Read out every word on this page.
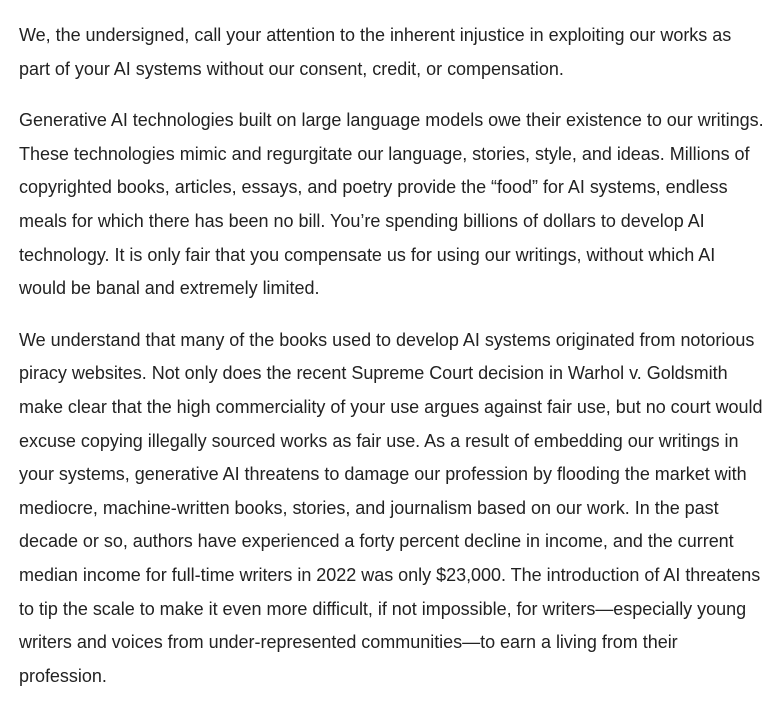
We, the undersigned, call your attention to the inherent injustice in exploiting our works as
part of your AI systems without our consent, credit, or compensation.

Generative AI technologies built on large language models owe their existence to our writings.
These technologies mimic and regurgitate our language, stories, style, and ideas. Millions of
copyrighted books, articles, essays, and poetry provide the “food” for AI systems, endless
meals for which there has been no bill. You’re spending billions of dollars to develop AI
technology. It is only fair that you compensate us for using our writings, without which AI
would be banal and extremely limited.

We understand that many of the books used to develop AI systems originated from notorious
piracy websites. Not only does the recent Supreme Court decision in Warhol v. Goldsmith
make clear that the high commerciality of your use argues against fair use, but no court would
excuse copying illegally sourced works as fair use. As a result of embedding our writings in
your systems, generative AI threatens to damage our profession by flooding the market with
mediocre, machine-written books, stories, and journalism based on our work. In the past
decade or so, authors have experienced a forty percent decline in income, and the current
median income for full-time writers in 2022 was only $23,000. The introduction of AI threatens
to tip the scale to make it even more difficult, if not impossible, for writers—especially young
writers and voices from under-represented communities—to earn a living from their
profession.
